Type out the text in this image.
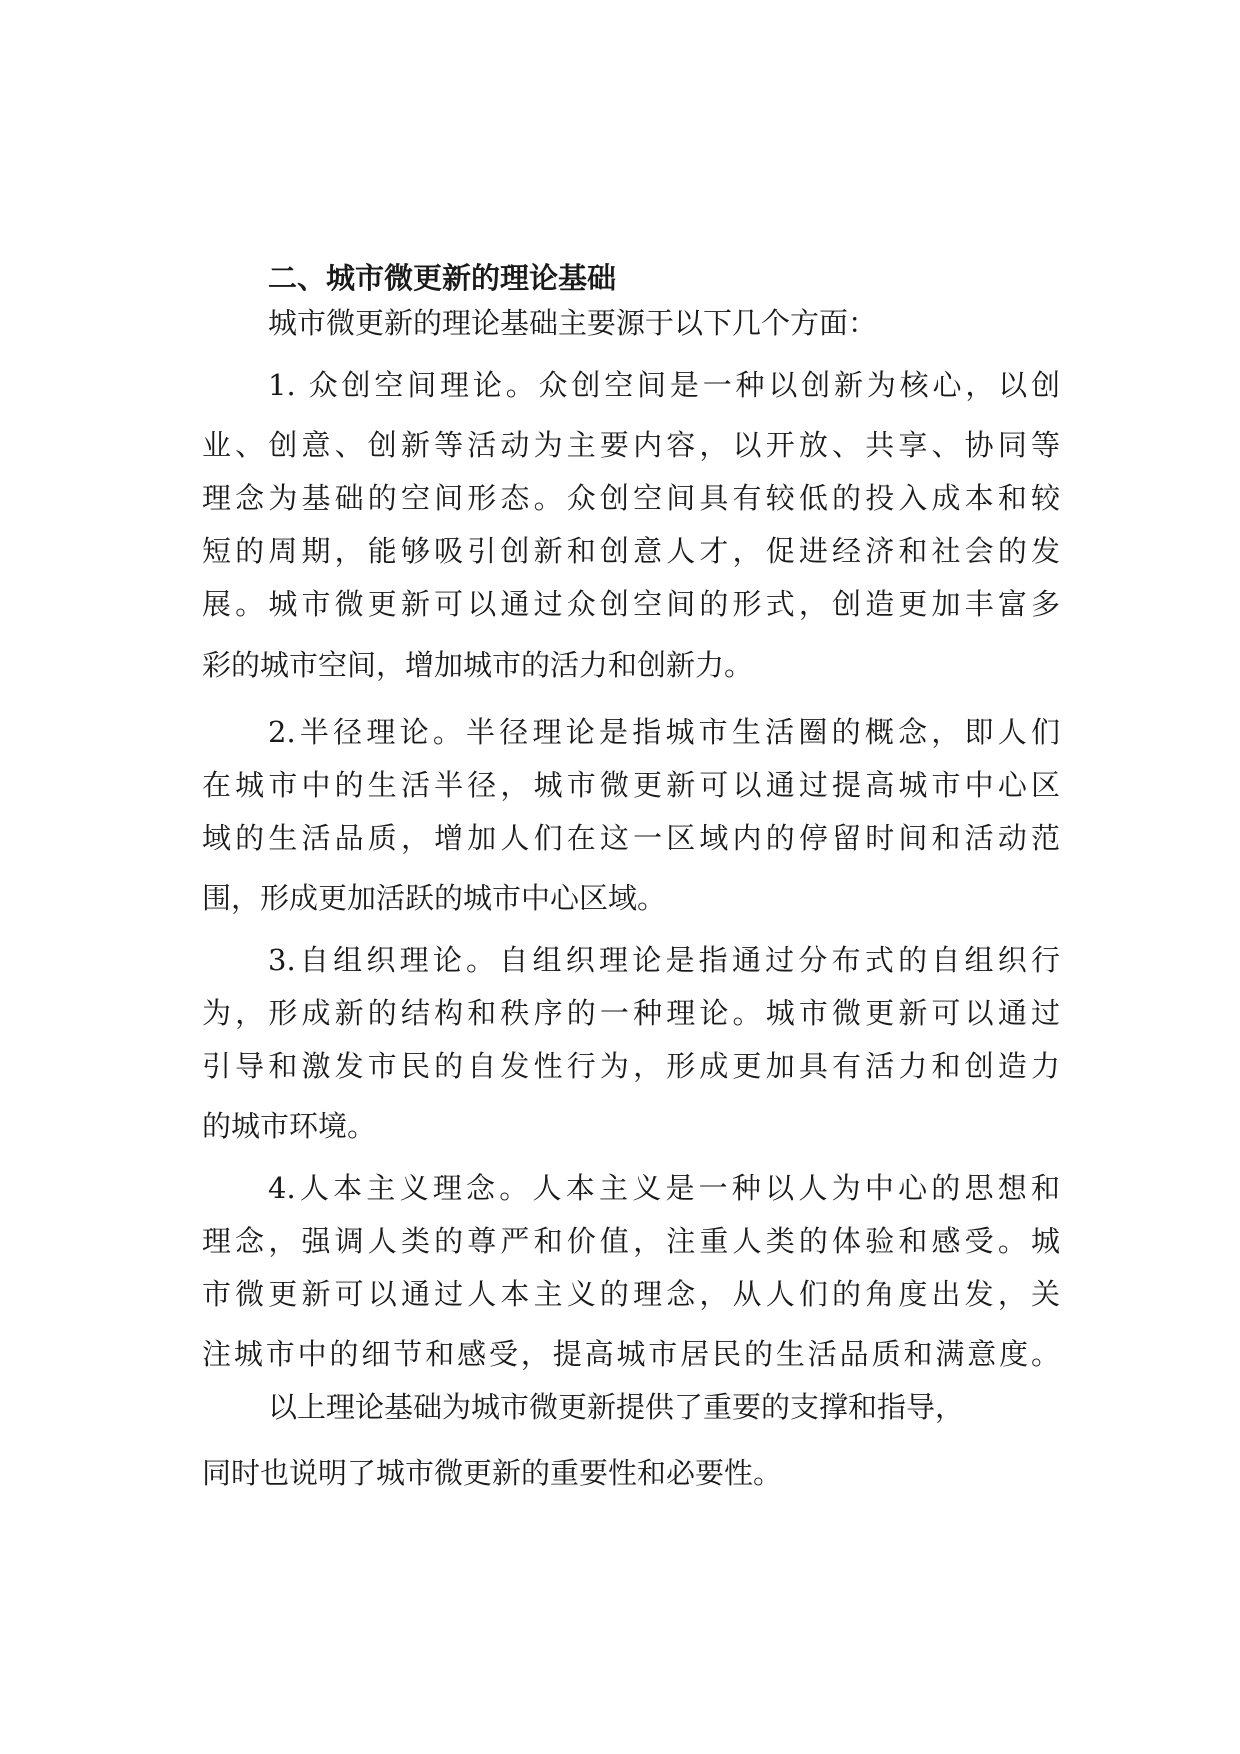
二、城市微更新的理论基础
城市微更新的理论基础主要源于以下几个方面：
1. 众创空间理论。众创空间是一种以创新为核心，以创
业、创意、创新等活动为主要内容，以开放、共享、协同等
理念为基础的空间形态。众创空间具有较低的投入成本和较
短的周期，能够吸引创新和创意人才，促进经济和社会的发
展。城市微更新可以通过众创空间的形式，创造更加丰富多
彩的城市空间，增加城市的活力和创新力。
2.半径理论。半径理论是指城市生活圈的概念，即人们
在城市中的生活半径，城市微更新可以通过提高城市中心区
域的生活品质，增加人们在这一区域内的停留时间和活动范
围，形成更加活跃的城市中心区域。
3.自组织理论。自组织理论是指通过分布式的自组织行
为，形成新的结构和秩序的一种理论。城市微更新可以通过
引导和激发市民的自发性行为，形成更加具有活力和创造力
的城市环境。
4.人本主义理念。人本主义是一种以人为中心的思想和
理念，强调人类的尊严和价值，注重人类的体验和感受。城
市微更新可以通过人本主义的理念，从人们的角度出发，关
注城市中的细节和感受，提高城市居民的生活品质和满意度。
以上理论基础为城市微更新提供了重要的支撑和指导，
同时也说明了城市微更新的重要性和必要性。
